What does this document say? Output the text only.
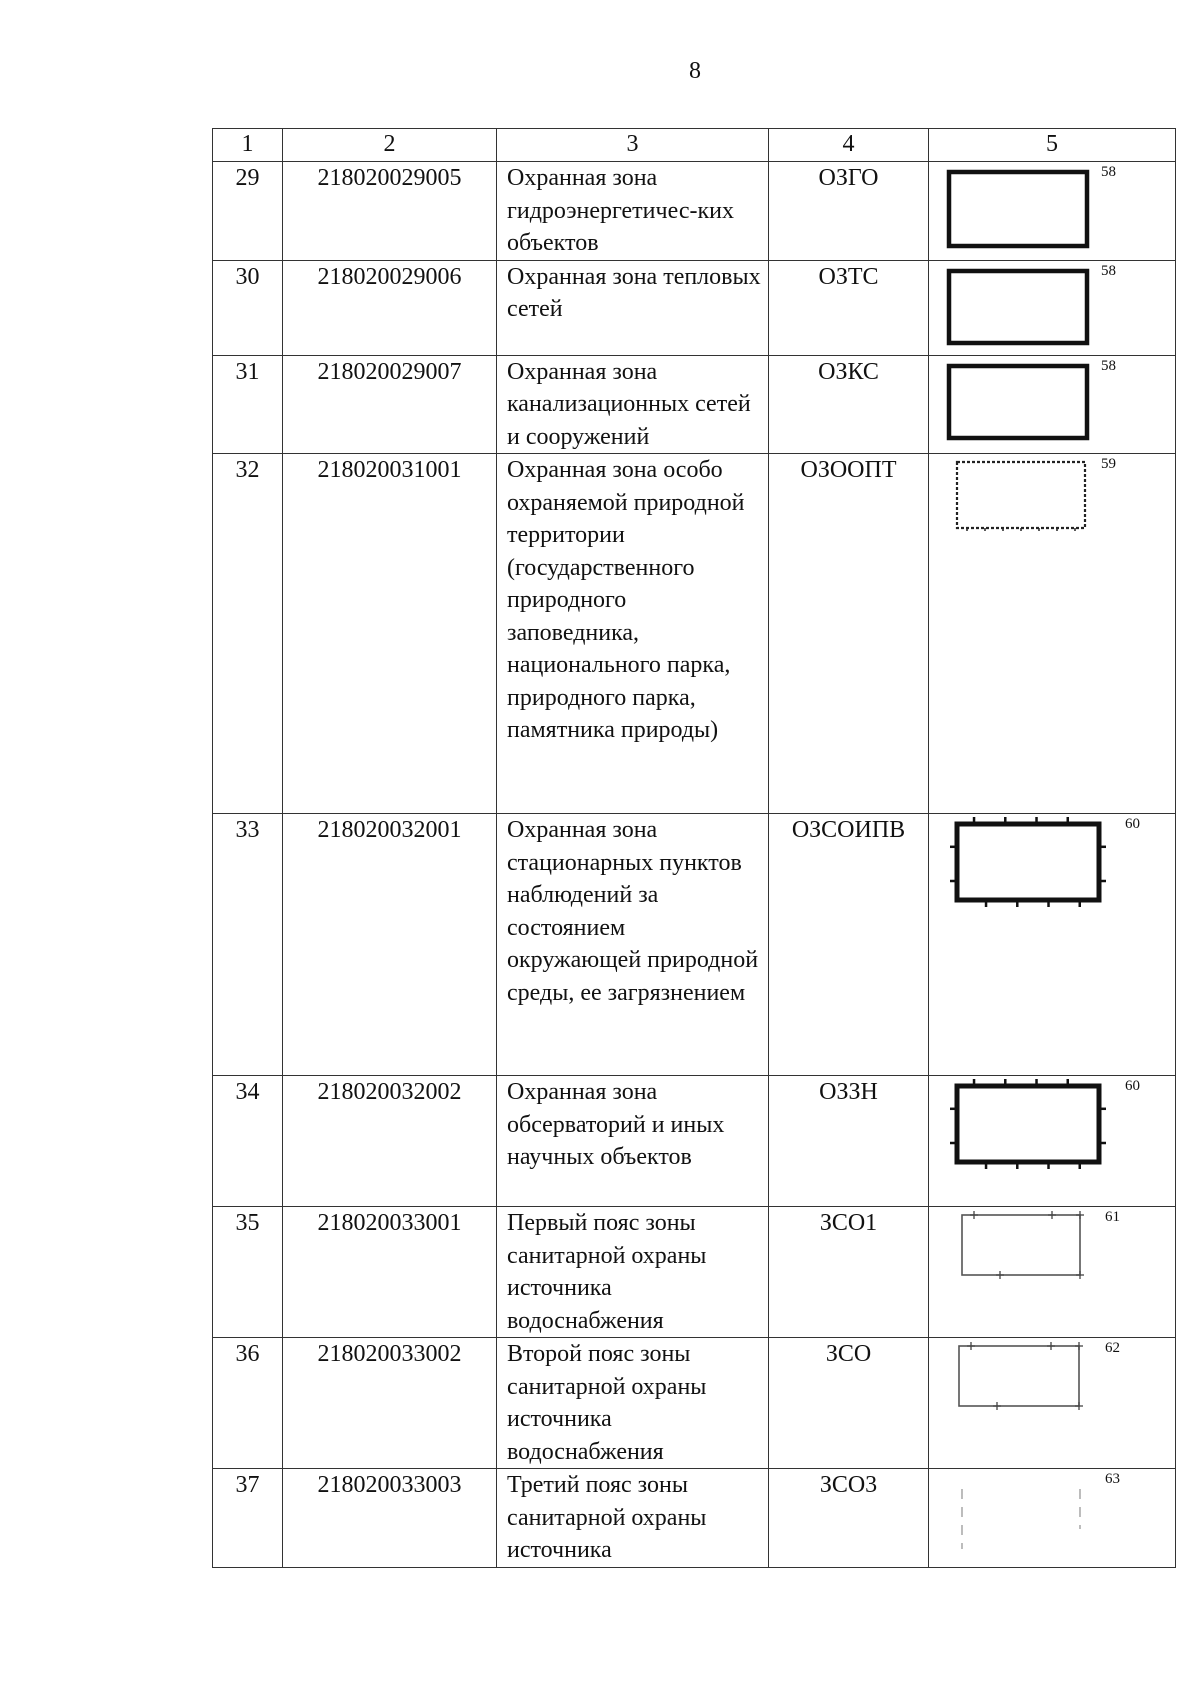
8
1	2	3	4	5
29	218020029005	Охранная зона гидроэнергетичес-ких объектов	ОЗГО	58

30	218020029006	Охранная зона тепловых сетей	ОЗТС	58

31	218020029007	Охранная зона канализационных сетей и сооружений	ОЗКС	58

32	218020031001	Охранная зона особо охраняемой природной территории (государственного природного заповедника, национального парка, природного парка, памятника природы)	ОЗООПТ	59

33	218020032001	Охранная зона стационарных пунктов наблюдений за состоянием окружающей природной среды, ее загрязнением	ОЗСОИПВ	60

34	218020032002	Охранная зона обсерваторий и иных научных объектов	ОЗЗН	60

35	218020033001	Первый пояс зоны санитарной охраны источника водоснабжения	ЗСО1	61

36	218020033002	Второй пояс зоны санитарной охраны источника водоснабжения	ЗСО	62

37	218020033003	Третий пояс зоны санитарной охраны источника	ЗСО3	63
